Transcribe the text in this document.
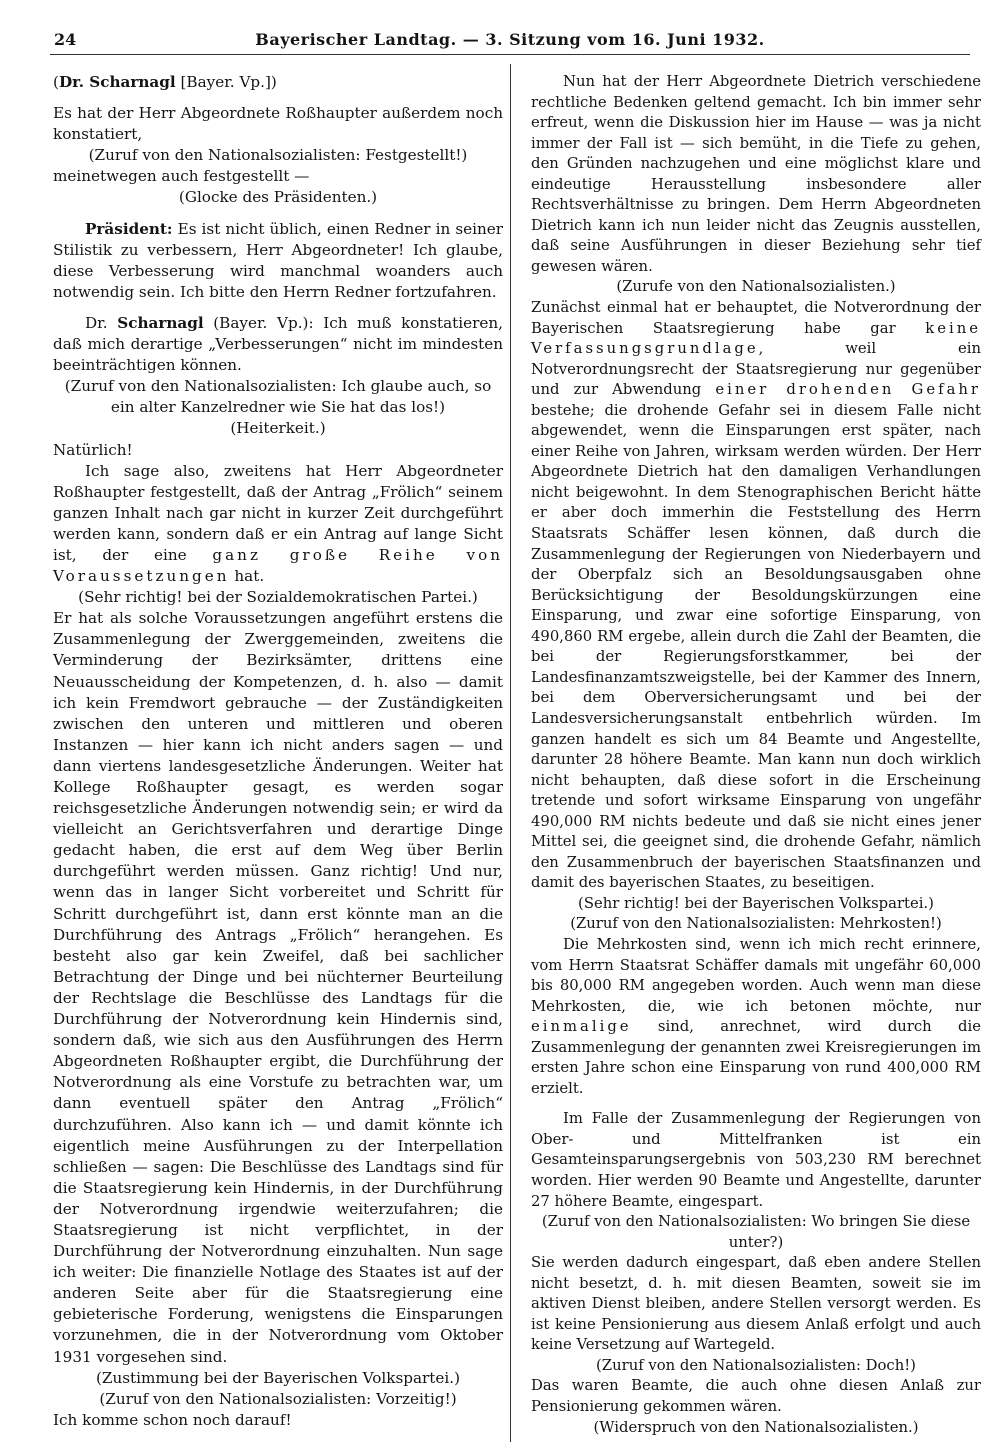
24	Bayerischer Landtag. — 3. Sitzung vom 16. Juni 1932.

(Dr. Scharnagl [Bayer. Vp.])

Es hat der Herr Abgeordnete Roßhaupter außerdem noch konstatiert,

(Zuruf von den Nationalsozialisten: Festgestellt!)

meinetwegen auch festgestellt —

(Glocke des Präsidenten.)

Präsident: Es ist nicht üblich, einen Redner in seiner Stilistik zu verbessern, Herr Abgeordneter! Ich glaube, diese Verbesserung wird manchmal woanders auch notwendig sein. Ich bitte den Herrn Redner fortzufahren.

Dr. Scharnagl (Bayer. Vp.): Ich muß konstatieren, daß mich derartige „Verbesserungen“ nicht im mindesten beeinträchtigen können.

(Zuruf von den Nationalsozialisten: Ich glaube auch, so ein alter Kanzelredner wie Sie hat das los!)

(Heiterkeit.)

Natürlich!

Ich sage also, zweitens hat Herr Abgeordneter Roßhaupter festgestellt, daß der Antrag „Frölich“ seinem ganzen Inhalt nach gar nicht in kurzer Zeit durchgeführt werden kann, sondern daß er ein Antrag auf lange Sicht ist, der eine ganz große Reihe von Voraussetzungen hat.

(Sehr richtig! bei der Sozialdemokratischen Partei.)

Er hat als solche Voraussetzungen angeführt erstens die Zusammenlegung der Zwerggemeinden, zweitens die Verminderung der Bezirksämter, drittens eine Neuausscheidung der Kompetenzen, d. h. also — damit ich kein Fremdwort gebrauche — der Zuständigkeiten zwischen den unteren und mittleren und oberen Instanzen — hier kann ich nicht anders sagen — und dann viertens landesgesetzliche Änderungen. Weiter hat Kollege Roßhaupter gesagt, es werden sogar reichsgesetzliche Änderungen notwendig sein; er wird da vielleicht an Gerichtsverfahren und derartige Dinge gedacht haben, die erst auf dem Weg über Berlin durchgeführt werden müssen. Ganz richtig! Und nur, wenn das in langer Sicht vorbereitet und Schritt für Schritt durchgeführt ist, dann erst könnte man an die Durchführung des Antrags „Frölich“ herangehen. Es besteht also gar kein Zweifel, daß bei sachlicher Betrachtung der Dinge und bei nüchterner Beurteilung der Rechtslage die Beschlüsse des Landtags für die Durchführung der Notverordnung kein Hindernis sind, sondern daß, wie sich aus den Ausführungen des Herrn Abgeordneten Roßhaupter ergibt, die Durchführung der Notverordnung als eine Vorstufe zu betrachten war, um dann eventuell später den Antrag „Frölich“ durchzuführen. Also kann ich — und damit könnte ich eigentlich meine Ausführungen zu der Interpellation schließen — sagen: Die Beschlüsse des Landtags sind für die Staatsregierung kein Hindernis, in der Durchführung der Notverordnung irgendwie weiterzufahren; die Staatsregierung ist nicht verpflichtet, in der Durchführung der Notverordnung einzuhalten. Nun sage ich weiter: Die finanzielle Notlage des Staates ist auf der anderen Seite aber für die Staatsregierung eine gebieterische Forderung, wenigstens die Einsparungen vorzunehmen, die in der Notverordnung vom Oktober 1931 vorgesehen sind.

(Zustimmung bei der Bayerischen Volkspartei.)

(Zuruf von den Nationalsozialisten: Vorzeitig!)

Ich komme schon noch darauf!

Nun hat der Herr Abgeordnete Dietrich verschiedene rechtliche Bedenken geltend gemacht. Ich bin immer sehr erfreut, wenn die Diskussion hier im Hause — was ja nicht immer der Fall ist — sich bemüht, in die Tiefe zu gehen, den Gründen nachzugehen und eine möglichst klare und eindeutige Herausstellung insbesondere aller Rechtsverhältnisse zu bringen. Dem Herrn Abgeordneten Dietrich kann ich nun leider nicht das Zeugnis ausstellen, daß seine Ausführungen in dieser Beziehung sehr tief gewesen wären.

(Zurufe von den Nationalsozialisten.)

Zunächst einmal hat er behauptet, die Notverordnung der Bayerischen Staatsregierung habe gar keine Verfassungsgrundlage, weil ein Notverordnungsrecht der Staatsregierung nur gegenüber und zur Abwendung einer drohenden Gefahr bestehe; die drohende Gefahr sei in diesem Falle nicht abgewendet, wenn die Einsparungen erst später, nach einer Reihe von Jahren, wirksam werden würden. Der Herr Abgeordnete Dietrich hat den damaligen Verhandlungen nicht beigewohnt. In dem Stenographischen Bericht hätte er aber doch immerhin die Feststellung des Herrn Staatsrats Schäffer lesen können, daß durch die Zusammenlegung der Regierungen von Niederbayern und der Oberpfalz sich an Besoldungsausgaben ohne Berücksichtigung der Besoldungskürzungen eine Einsparung, und zwar eine sofortige Einsparung, von 490,860 RM ergebe, allein durch die Zahl der Beamten, die bei der Regierungsforstkammer, bei der Landesfinanzamtszweigstelle, bei der Kammer des Innern, bei dem Oberversicherungsamt und bei der Landesversicherungsanstalt entbehrlich würden. Im ganzen handelt es sich um 84 Beamte und Angestellte, darunter 28 höhere Beamte. Man kann nun doch wirklich nicht behaupten, daß diese sofort in die Erscheinung tretende und sofort wirksame Einsparung von ungefähr 490,000 RM nichts bedeute und daß sie nicht eines jener Mittel sei, die geeignet sind, die drohende Gefahr, nämlich den Zusammenbruch der bayerischen Staatsfinanzen und damit des bayerischen Staates, zu beseitigen.

(Sehr richtig! bei der Bayerischen Volkspartei.)

(Zuruf von den Nationalsozialisten: Mehrkosten!)

Die Mehrkosten sind, wenn ich mich recht erinnere, vom Herrn Staatsrat Schäffer damals mit ungefähr 60,000 bis 80,000 RM angegeben worden. Auch wenn man diese Mehrkosten, die, wie ich betonen möchte, nur einmalige sind, anrechnet, wird durch die Zusammenlegung der genannten zwei Kreisregierungen im ersten Jahre schon eine Einsparung von rund 400,000 RM erzielt.

Im Falle der Zusammenlegung der Regierungen von Ober- und Mittelfranken ist ein Gesamteinsparungsergebnis von 503,230 RM berechnet worden. Hier werden 90 Beamte und Angestellte, darunter 27 höhere Beamte, eingespart.

(Zuruf von den Nationalsozialisten: Wo bringen Sie diese unter?)

Sie werden dadurch eingespart, daß eben andere Stellen nicht besetzt, d. h. mit diesen Beamten, soweit sie im aktiven Dienst bleiben, andere Stellen versorgt werden. Es ist keine Pensionierung aus diesem Anlaß erfolgt und auch keine Versetzung auf Wartegeld.

(Zuruf von den Nationalsozialisten: Doch!)

Das waren Beamte, die auch ohne diesen Anlaß zur Pensionierung gekommen wären.

(Widerspruch von den Nationalsozialisten.)
